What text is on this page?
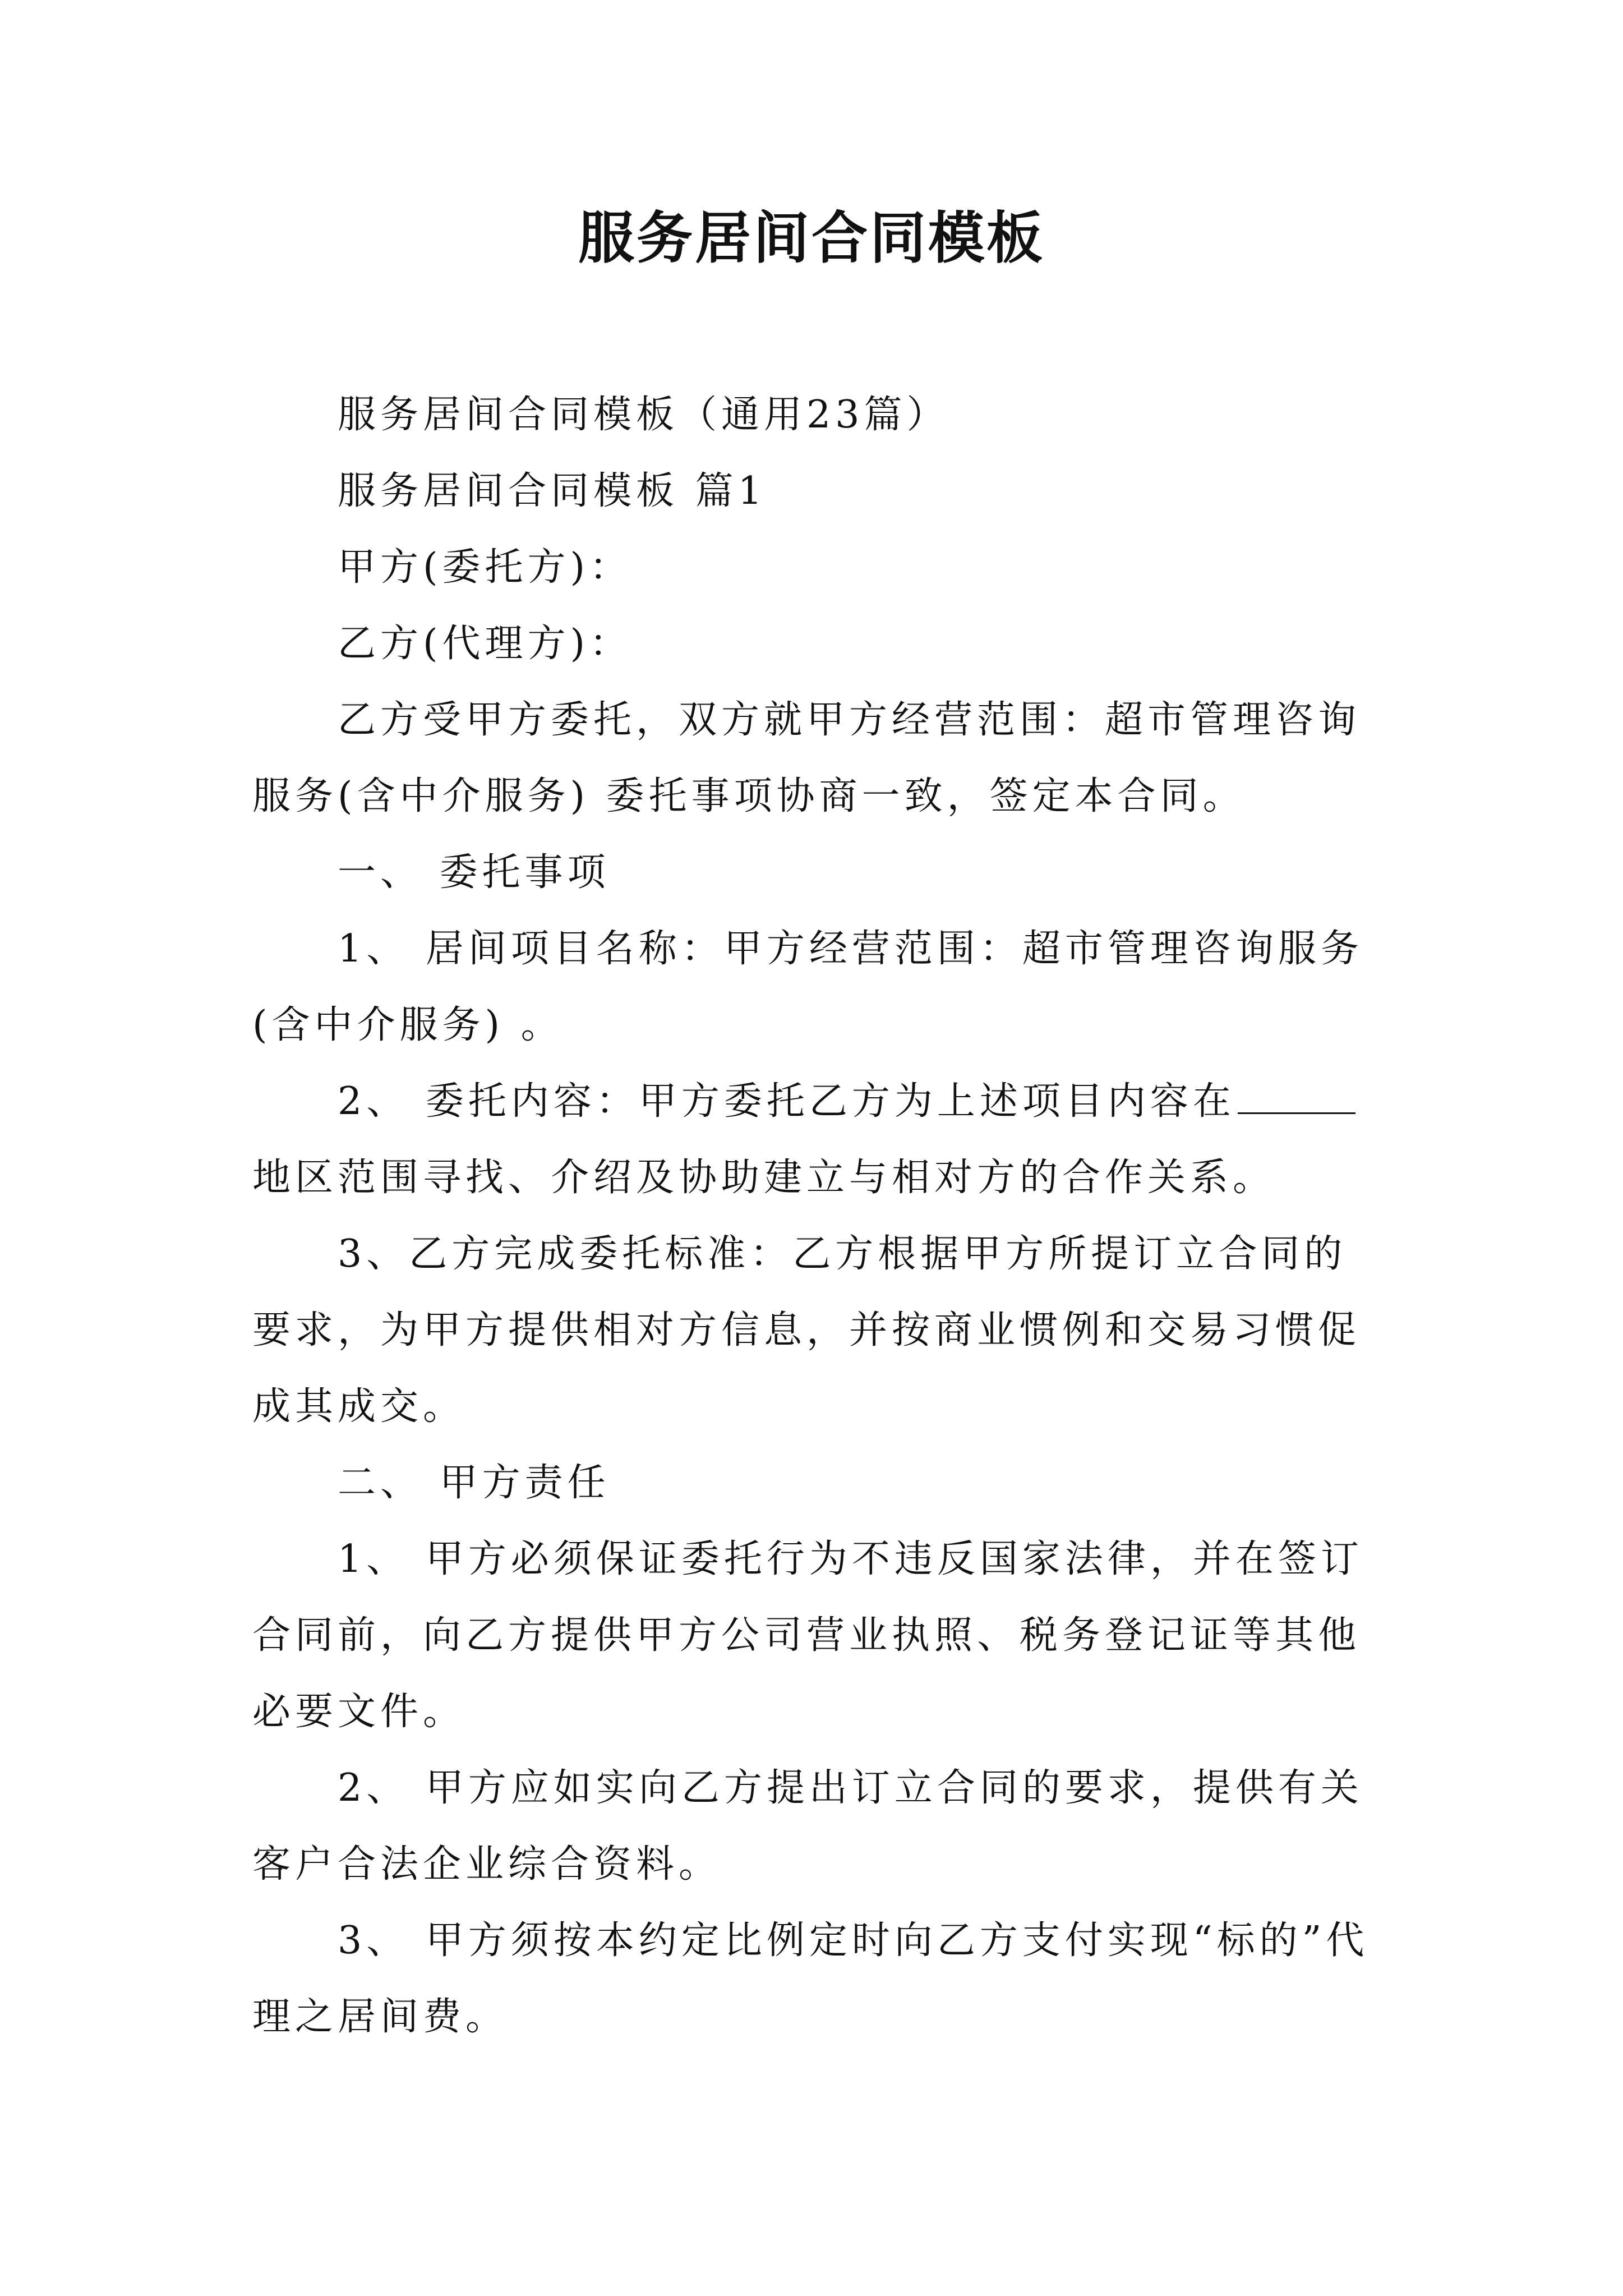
服务居间合同模板

服务居间合同模板（通用23篇）

服务居间合同模板 篇1

甲方(委托方)：

乙方(代理方)：

乙方受甲方委托，双方就甲方经营范围：超市管理咨询服务(含中介服务) 委托事项协商一致，签定本合同。

一、 委托事项

1、 居间项目名称：甲方经营范围：超市管理咨询服务(含中介服务) 。

2、 委托内容：甲方委托乙方为上述项目内容在地区范围寻找、介绍及协助建立与相对方的合作关系。

3、乙方完成委托标准：乙方根据甲方所提订立合同的要求，为甲方提供相对方信息，并按商业惯例和交易习惯促成其成交。

二、 甲方责任

1、 甲方必须保证委托行为不违反国家法律，并在签订合同前，向乙方提供甲方公司营业执照、税务登记证等其他必要文件。

2、 甲方应如实向乙方提出订立合同的要求，提供有关客户合法企业综合资料。

3、 甲方须按本约定比例定时向乙方支付实现“标的”代理之居间费。
